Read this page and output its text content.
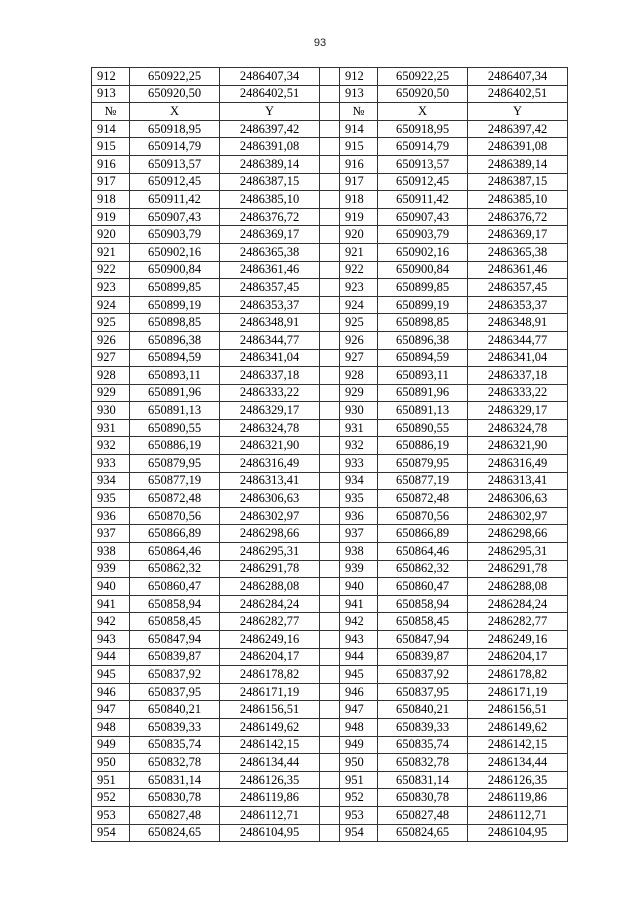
93
912	650922,25	2486407,34		912	650922,25	2486407,34
913	650920,50	2486402,51		913	650920,50	2486402,51
№	X	Y		№	X	Y
914	650918,95	2486397,42		914	650918,95	2486397,42
915	650914,79	2486391,08		915	650914,79	2486391,08
916	650913,57	2486389,14		916	650913,57	2486389,14
917	650912,45	2486387,15		917	650912,45	2486387,15
918	650911,42	2486385,10		918	650911,42	2486385,10
919	650907,43	2486376,72		919	650907,43	2486376,72
920	650903,79	2486369,17		920	650903,79	2486369,17
921	650902,16	2486365,38		921	650902,16	2486365,38
922	650900,84	2486361,46		922	650900,84	2486361,46
923	650899,85	2486357,45		923	650899,85	2486357,45
924	650899,19	2486353,37		924	650899,19	2486353,37
925	650898,85	2486348,91		925	650898,85	2486348,91
926	650896,38	2486344,77		926	650896,38	2486344,77
927	650894,59	2486341,04		927	650894,59	2486341,04
928	650893,11	2486337,18		928	650893,11	2486337,18
929	650891,96	2486333,22		929	650891,96	2486333,22
930	650891,13	2486329,17		930	650891,13	2486329,17
931	650890,55	2486324,78		931	650890,55	2486324,78
932	650886,19	2486321,90		932	650886,19	2486321,90
933	650879,95	2486316,49		933	650879,95	2486316,49
934	650877,19	2486313,41		934	650877,19	2486313,41
935	650872,48	2486306,63		935	650872,48	2486306,63
936	650870,56	2486302,97		936	650870,56	2486302,97
937	650866,89	2486298,66		937	650866,89	2486298,66
938	650864,46	2486295,31		938	650864,46	2486295,31
939	650862,32	2486291,78		939	650862,32	2486291,78
940	650860,47	2486288,08		940	650860,47	2486288,08
941	650858,94	2486284,24		941	650858,94	2486284,24
942	650858,45	2486282,77		942	650858,45	2486282,77
943	650847,94	2486249,16		943	650847,94	2486249,16
944	650839,87	2486204,17		944	650839,87	2486204,17
945	650837,92	2486178,82		945	650837,92	2486178,82
946	650837,95	2486171,19		946	650837,95	2486171,19
947	650840,21	2486156,51		947	650840,21	2486156,51
948	650839,33	2486149,62		948	650839,33	2486149,62
949	650835,74	2486142,15		949	650835,74	2486142,15
950	650832,78	2486134,44		950	650832,78	2486134,44
951	650831,14	2486126,35		951	650831,14	2486126,35
952	650830,78	2486119,86		952	650830,78	2486119,86
953	650827,48	2486112,71		953	650827,48	2486112,71
954	650824,65	2486104,95		954	650824,65	2486104,95
